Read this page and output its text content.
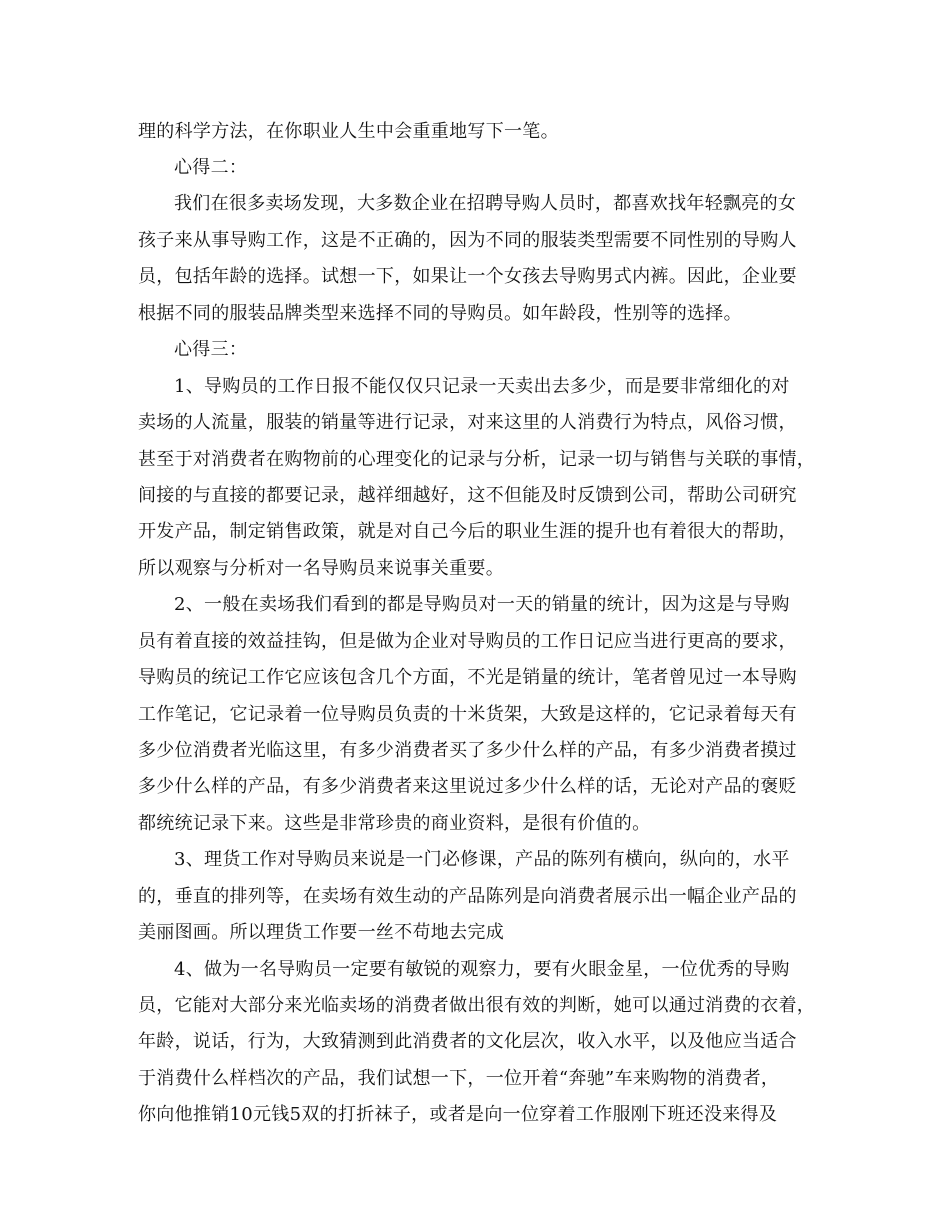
理的科学方法，在你职业人生中会重重地写下一笔。
心得二：
我们在很多卖场发现，大多数企业在招聘导购人员时，都喜欢找年轻飘亮的女
孩子来从事导购工作，这是不正确的，因为不同的服装类型需要不同性别的导购人
员，包括年龄的选择。试想一下，如果让一个女孩去导购男式内裤。因此，企业要
根据不同的服装品牌类型来选择不同的导购员。如年龄段，性别等的选择。
心得三：
1、导购员的工作日报不能仅仅只记录一天卖出去多少，而是要非常细化的对
卖场的人流量，服装的销量等进行记录，对来这里的人消费行为特点，风俗习惯，
甚至于对消费者在购物前的心理变化的记录与分析，记录一切与销售与关联的事情，
间接的与直接的都要记录，越祥细越好，这不但能及时反馈到公司，帮助公司研究
开发产品，制定销售政策，就是对自己今后的职业生涯的提升也有着很大的帮助，
所以观察与分析对一名导购员来说事关重要。
2、一般在卖场我们看到的都是导购员对一天的销量的统计，因为这是与导购
员有着直接的效益挂钩，但是做为企业对导购员的工作日记应当进行更高的要求，
导购员的统记工作它应该包含几个方面，不光是销量的统计，笔者曾见过一本导购
工作笔记，它记录着一位导购员负责的十米货架，大致是这样的，它记录着每天有
多少位消费者光临这里，有多少消费者买了多少什么样的产品，有多少消费者摸过
多少什么样的产品，有多少消费者来这里说过多少什么样的话，无论对产品的褒贬
都统统记录下来。这些是非常珍贵的商业资料，是很有价值的。
3、理货工作对导购员来说是一门必修课，产品的陈列有横向，纵向的，水平
的，垂直的排列等，在卖场有效生动的产品陈列是向消费者展示出一幅企业产品的
美丽图画。所以理货工作要一丝不苟地去完成
4、做为一名导购员一定要有敏锐的观察力，要有火眼金星，一位优秀的导购
员，它能对大部分来光临卖场的消费者做出很有效的判断，她可以通过消费的衣着，
年龄，说话，行为，大致猜测到此消费者的文化层次，收入水平，以及他应当适合
于消费什么样档次的产品，我们试想一下，一位开着“奔驰”车来购物的消费者，
你向他推销10元钱5双的打折袜子，或者是向一位穿着工作服刚下班还没来得及
